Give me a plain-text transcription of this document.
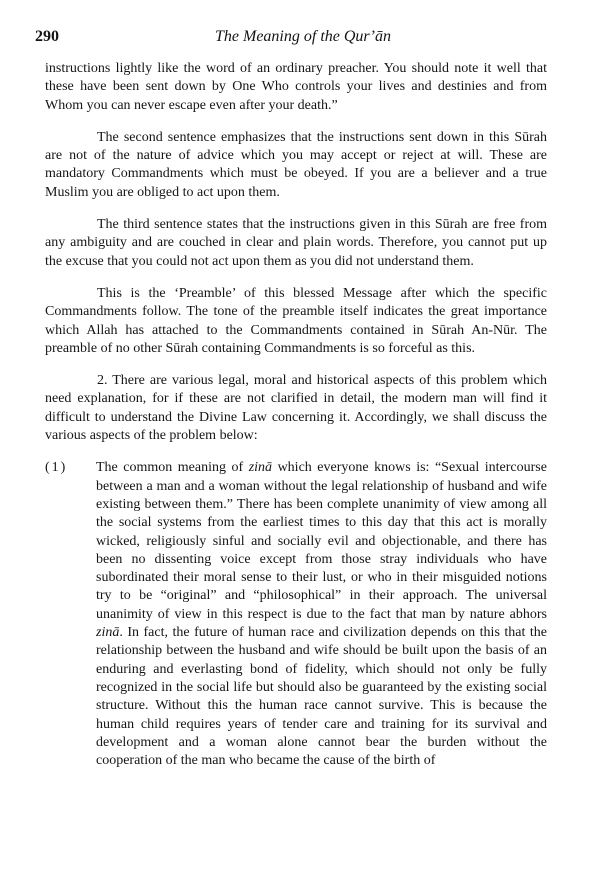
290	The Meaning of the Qurʼān

instructions lightly like the word of an ordinary preacher. You should note it well that these have been sent down by One Who controls your lives and destinies and from Whom you can never escape even after your death.”

The second sentence emphasizes that the instructions sent down in this Sūrah are not of the nature of advice which you may accept or reject at will. These are mandatory Commandments which must be obeyed. If you are a believer and a true Muslim you are obliged to act upon them.

The third sentence states that the instructions given in this Sūrah are free from any ambiguity and are couched in clear and plain words. Therefore, you cannot put up the excuse that you could not act upon them as you did not understand them.

This is the ‘Preamble’ of this blessed Message after which the specific Commandments follow. The tone of the preamble itself indicates the great importance which Allah has attached to the Commandments contained in Sūrah An-Nūr. The preamble of no other Sūrah containing Commandments is so forceful as this.

2. There are various legal, moral and historical aspects of this problem which need explanation, for if these are not clarified in detail, the modern man will find it difficult to understand the Divine Law concerning it. Accordingly, we shall discuss the various aspects of the problem below:

(1) The common meaning of zinā which everyone knows is: “Sexual intercourse between a man and a woman without the legal relationship of husband and wife existing between them.” There has been complete unanimity of view among all the social systems from the earliest times to this day that this act is morally wicked, religiously sinful and socially evil and objectionable, and there has been no dissenting voice except from those stray individuals who have subordinated their moral sense to their lust, or who in their misguided notions try to be “original” and “philosophical” in their approach. The universal unanimity of view in this respect is due to the fact that man by nature abhors zinā. In fact, the future of human race and civilization depends on this that the relationship between the husband and wife should be built upon the basis of an enduring and everlasting bond of fidelity, which should not only be fully recognized in the social life but should also be guaranteed by the existing social structure. Without this the human race cannot survive. This is because the human child requires years of tender care and training for its survival and development and a woman alone cannot bear the burden without the cooperation of the man who became the cause of the birth of
